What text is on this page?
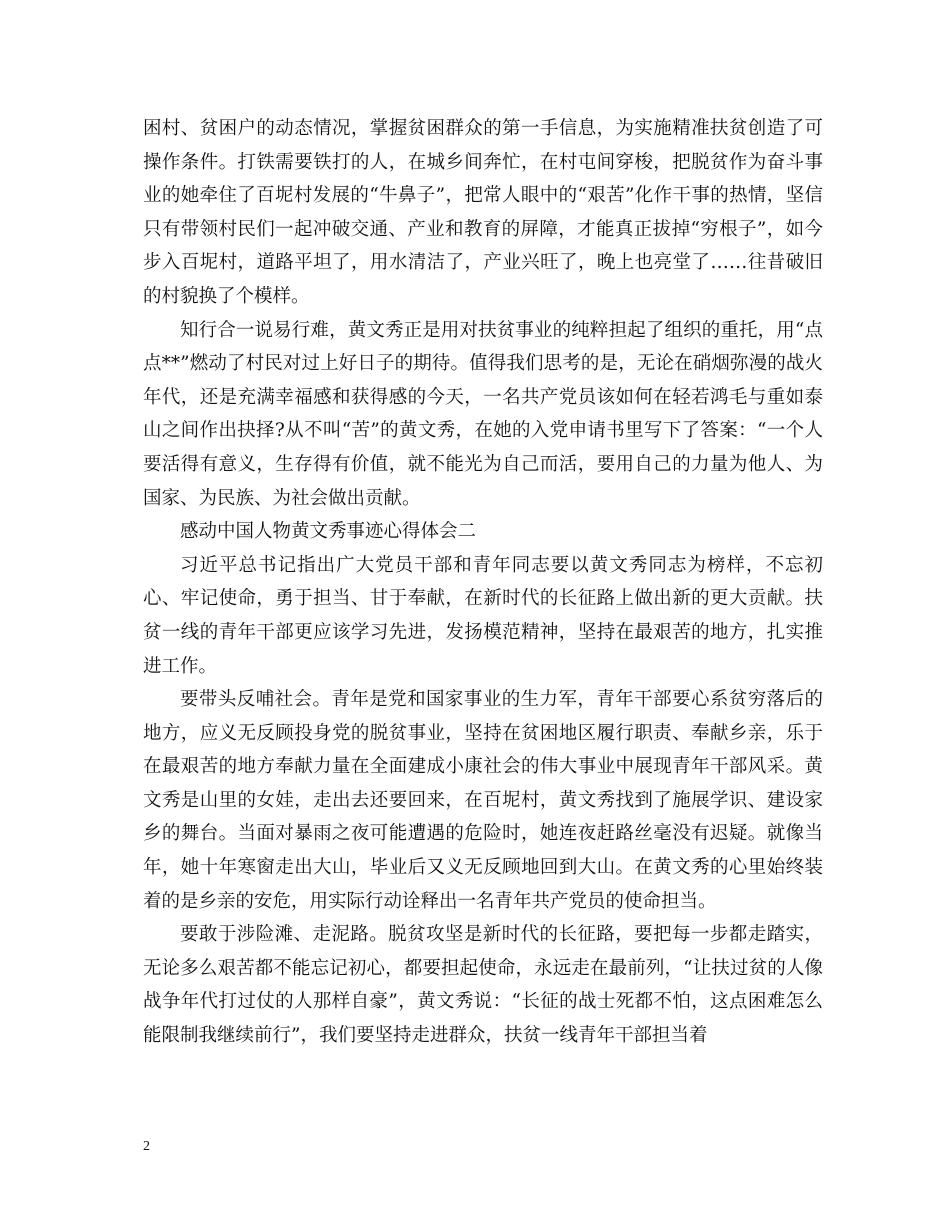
困村、贫困户的动态情况，掌握贫困群众的第一手信息，为实施精准扶贫创造了可操作条件。打铁需要铁打的人，在城乡间奔忙，在村屯间穿梭，把脱贫作为奋斗事业的她牵住了百坭村发展的“牛鼻子”，把常人眼中的“艰苦”化作干事的热情，坚信只有带领村民们一起冲破交通、产业和教育的屏障，才能真正拔掉“穷根子”，如今步入百坭村，道路平坦了，用水清洁了，产业兴旺了，晚上也亮堂了……往昔破旧的村貌换了个模样。

知行合一说易行难，黄文秀正是用对扶贫事业的纯粹担起了组织的重托，用“点点**”燃动了村民对过上好日子的期待。值得我们思考的是，无论在硝烟弥漫的战火年代，还是充满幸福感和获得感的今天，一名共产党员该如何在轻若鸿毛与重如泰山之间作出抉择?从不叫“苦”的黄文秀，在她的入党申请书里写下了答案：“一个人要活得有意义，生存得有价值，就不能光为自己而活，要用自己的力量为他人、为国家、为民族、为社会做出贡献。

感动中国人物黄文秀事迹心得体会二

习近平总书记指出广大党员干部和青年同志要以黄文秀同志为榜样，不忘初心、牢记使命，勇于担当、甘于奉献，在新时代的长征路上做出新的更大贡献。扶贫一线的青年干部更应该学习先进，发扬模范精神，坚持在最艰苦的地方，扎实推进工作。

要带头反哺社会。青年是党和国家事业的生力军，青年干部要心系贫穷落后的地方，应义无反顾投身党的脱贫事业，坚持在贫困地区履行职责、奉献乡亲，乐于在最艰苦的地方奉献力量在全面建成小康社会的伟大事业中展现青年干部风采。黄文秀是山里的女娃，走出去还要回来，在百坭村，黄文秀找到了施展学识、建设家乡的舞台。当面对暴雨之夜可能遭遇的危险时，她连夜赶路丝毫没有迟疑。就像当年，她十年寒窗走出大山，毕业后又义无反顾地回到大山。在黄文秀的心里始终装着的是乡亲的安危，用实际行动诠释出一名青年共产党员的使命担当。

要敢于涉险滩、走泥路。脱贫攻坚是新时代的长征路，要把每一步都走踏实，无论多么艰苦都不能忘记初心，都要担起使命，永远走在最前列，“让扶过贫的人像战争年代打过仗的人那样自豪”，黄文秀说：“长征的战士死都不怕，这点困难怎么能限制我继续前行”，我们要坚持走进群众，扶贫一线青年干部担当着

2
